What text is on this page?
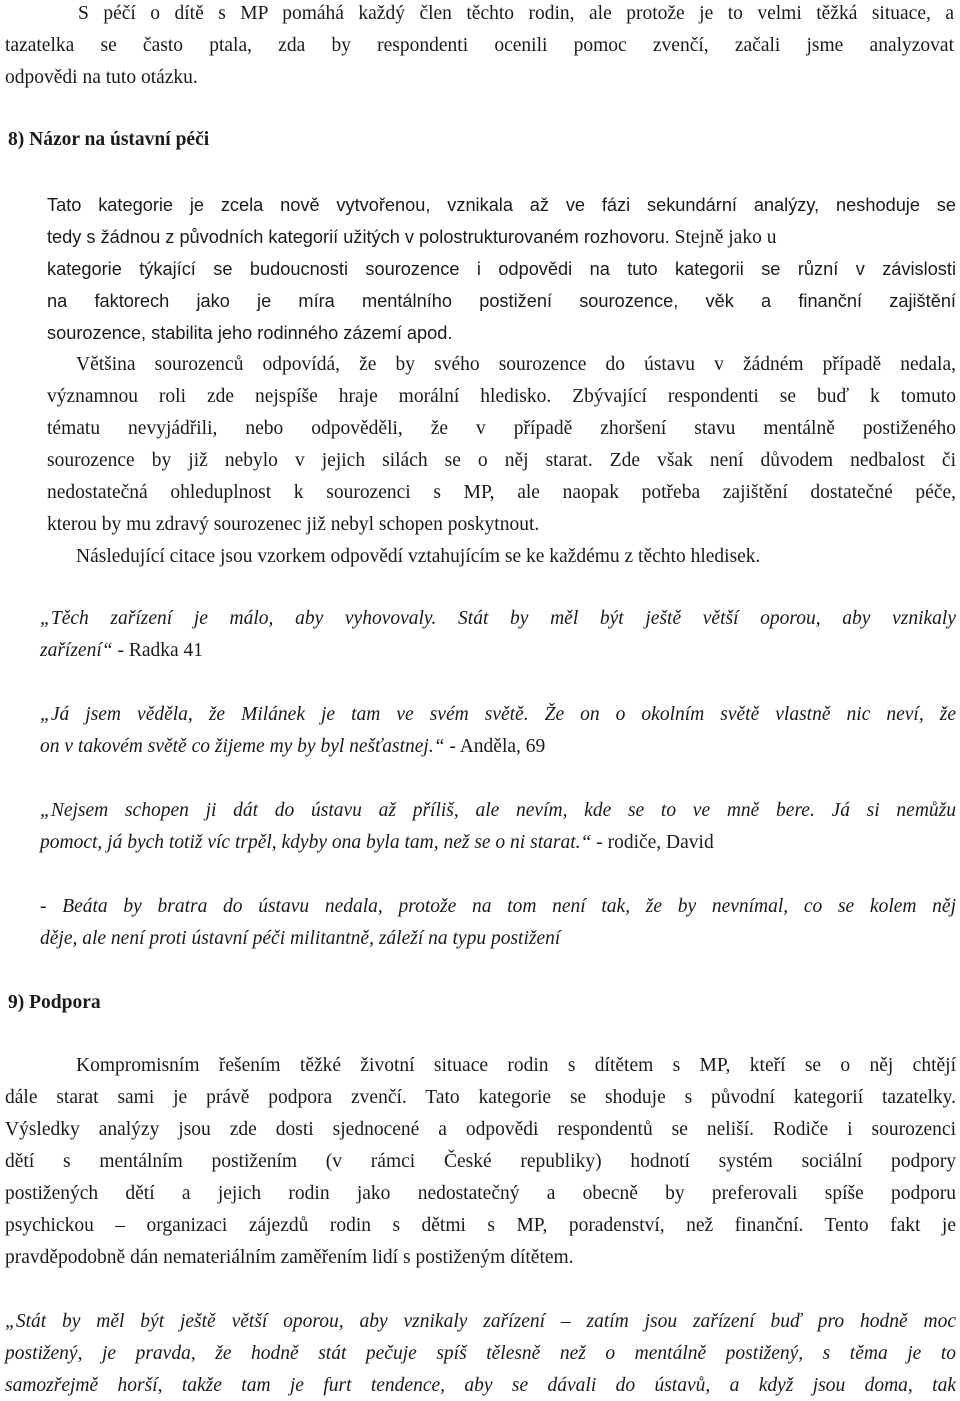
S péčí o dítě s MP pomáhá každý člen těchto rodin, ale protože je to velmi těžká situace, a
tazatelka se často ptala, zda by respondenti ocenili pomoc zvenčí, začali jsme analyzovat
odpovědi na tuto otázku.
8) Názor na ústavní péči
Tato kategorie je zcela nově vytvořenou, vznikala až ve fázi sekundární analýzy, neshoduje se
tedy s žádnou z původních kategorií užitých v polostrukturovaném rozhovoru. Stejně jako u
kategorie týkající se budoucnosti sourozence i odpovědi na tuto kategorii se různí v závislosti
na faktorech jako je míra mentálního postižení sourozence, věk a finanční zajištění
sourozence, stabilita jeho rodinného zázemí apod.
Většina sourozenců odpovídá, že by svého sourozence do ústavu v žádném případě nedala,
významnou roli zde nejspíše hraje morální hledisko. Zbývající respondenti se buď k tomuto
tématu nevyjádřili, nebo odpověděli, že v případě zhoršení stavu mentálně postiženého
sourozence by již nebylo v jejich silách se o něj starat. Zde však není důvodem nedbalost či
nedostatečná ohleduplnost k sourozenci s MP, ale naopak potřeba zajištění dostatečné péče,
kterou by mu zdravý sourozenec již nebyl schopen poskytnout.
Následující citace jsou vzorkem odpovědí vztahujícím se ke každému z těchto hledisek.
„Těch zařízení je málo, aby vyhovovaly. Stát by měl být ještě větší oporou, aby vznikaly
zařízení“ - Radka 41
„Já jsem věděla, že Milánek je tam ve svém světě. Že on o okolním světě vlastně nic neví, že
on v takovém světě co žijeme my by byl nešťastnej.“ - Anděla, 69
„Nejsem schopen ji dát do ústavu až příliš, ale nevím, kde se to ve mně bere. Já si nemůžu
pomoct, já bych totiž víc trpěl, kdyby ona byla tam, než se o ni starat.“ - rodiče, David
- Beáta by bratra do ústavu nedala, protože na tom není tak, že by nevnímal, co se kolem něj
děje, ale není proti ústavní péči militantně, záleží na typu postižení
9) Podpora
Kompromisním řešením těžké životní situace rodin s dítětem s MP, kteří se o něj chtějí
dále starat sami je právě podpora zvenčí. Tato kategorie se shoduje s původní kategorií tazatelky.
Výsledky analýzy jsou zde dosti sjednocené a odpovědi respondentů se neliší. Rodiče i sourozenci
dětí s mentálním postižením (v rámci České republiky) hodnotí systém sociální podpory
postižených dětí a jejich rodin jako nedostatečný a obecně by preferovali spíše podporu
psychickou – organizaci zájezdů rodin s dětmi s MP, poradenství, než finanční. Tento fakt je
pravděpodobně dán nemateriálním zaměřením lidí s postiženým dítětem.
„Stát by měl být ještě větší oporou, aby vznikaly zařízení – zatím jsou zařízení buď pro hodně moc
postižený, je pravda, že hodně stát pečuje spíš tělesně než o mentálně postižený, s těma je to
samozřejmě horší, takže tam je furt tendence, aby se dávali do ústavů, a když jsou doma, tak
